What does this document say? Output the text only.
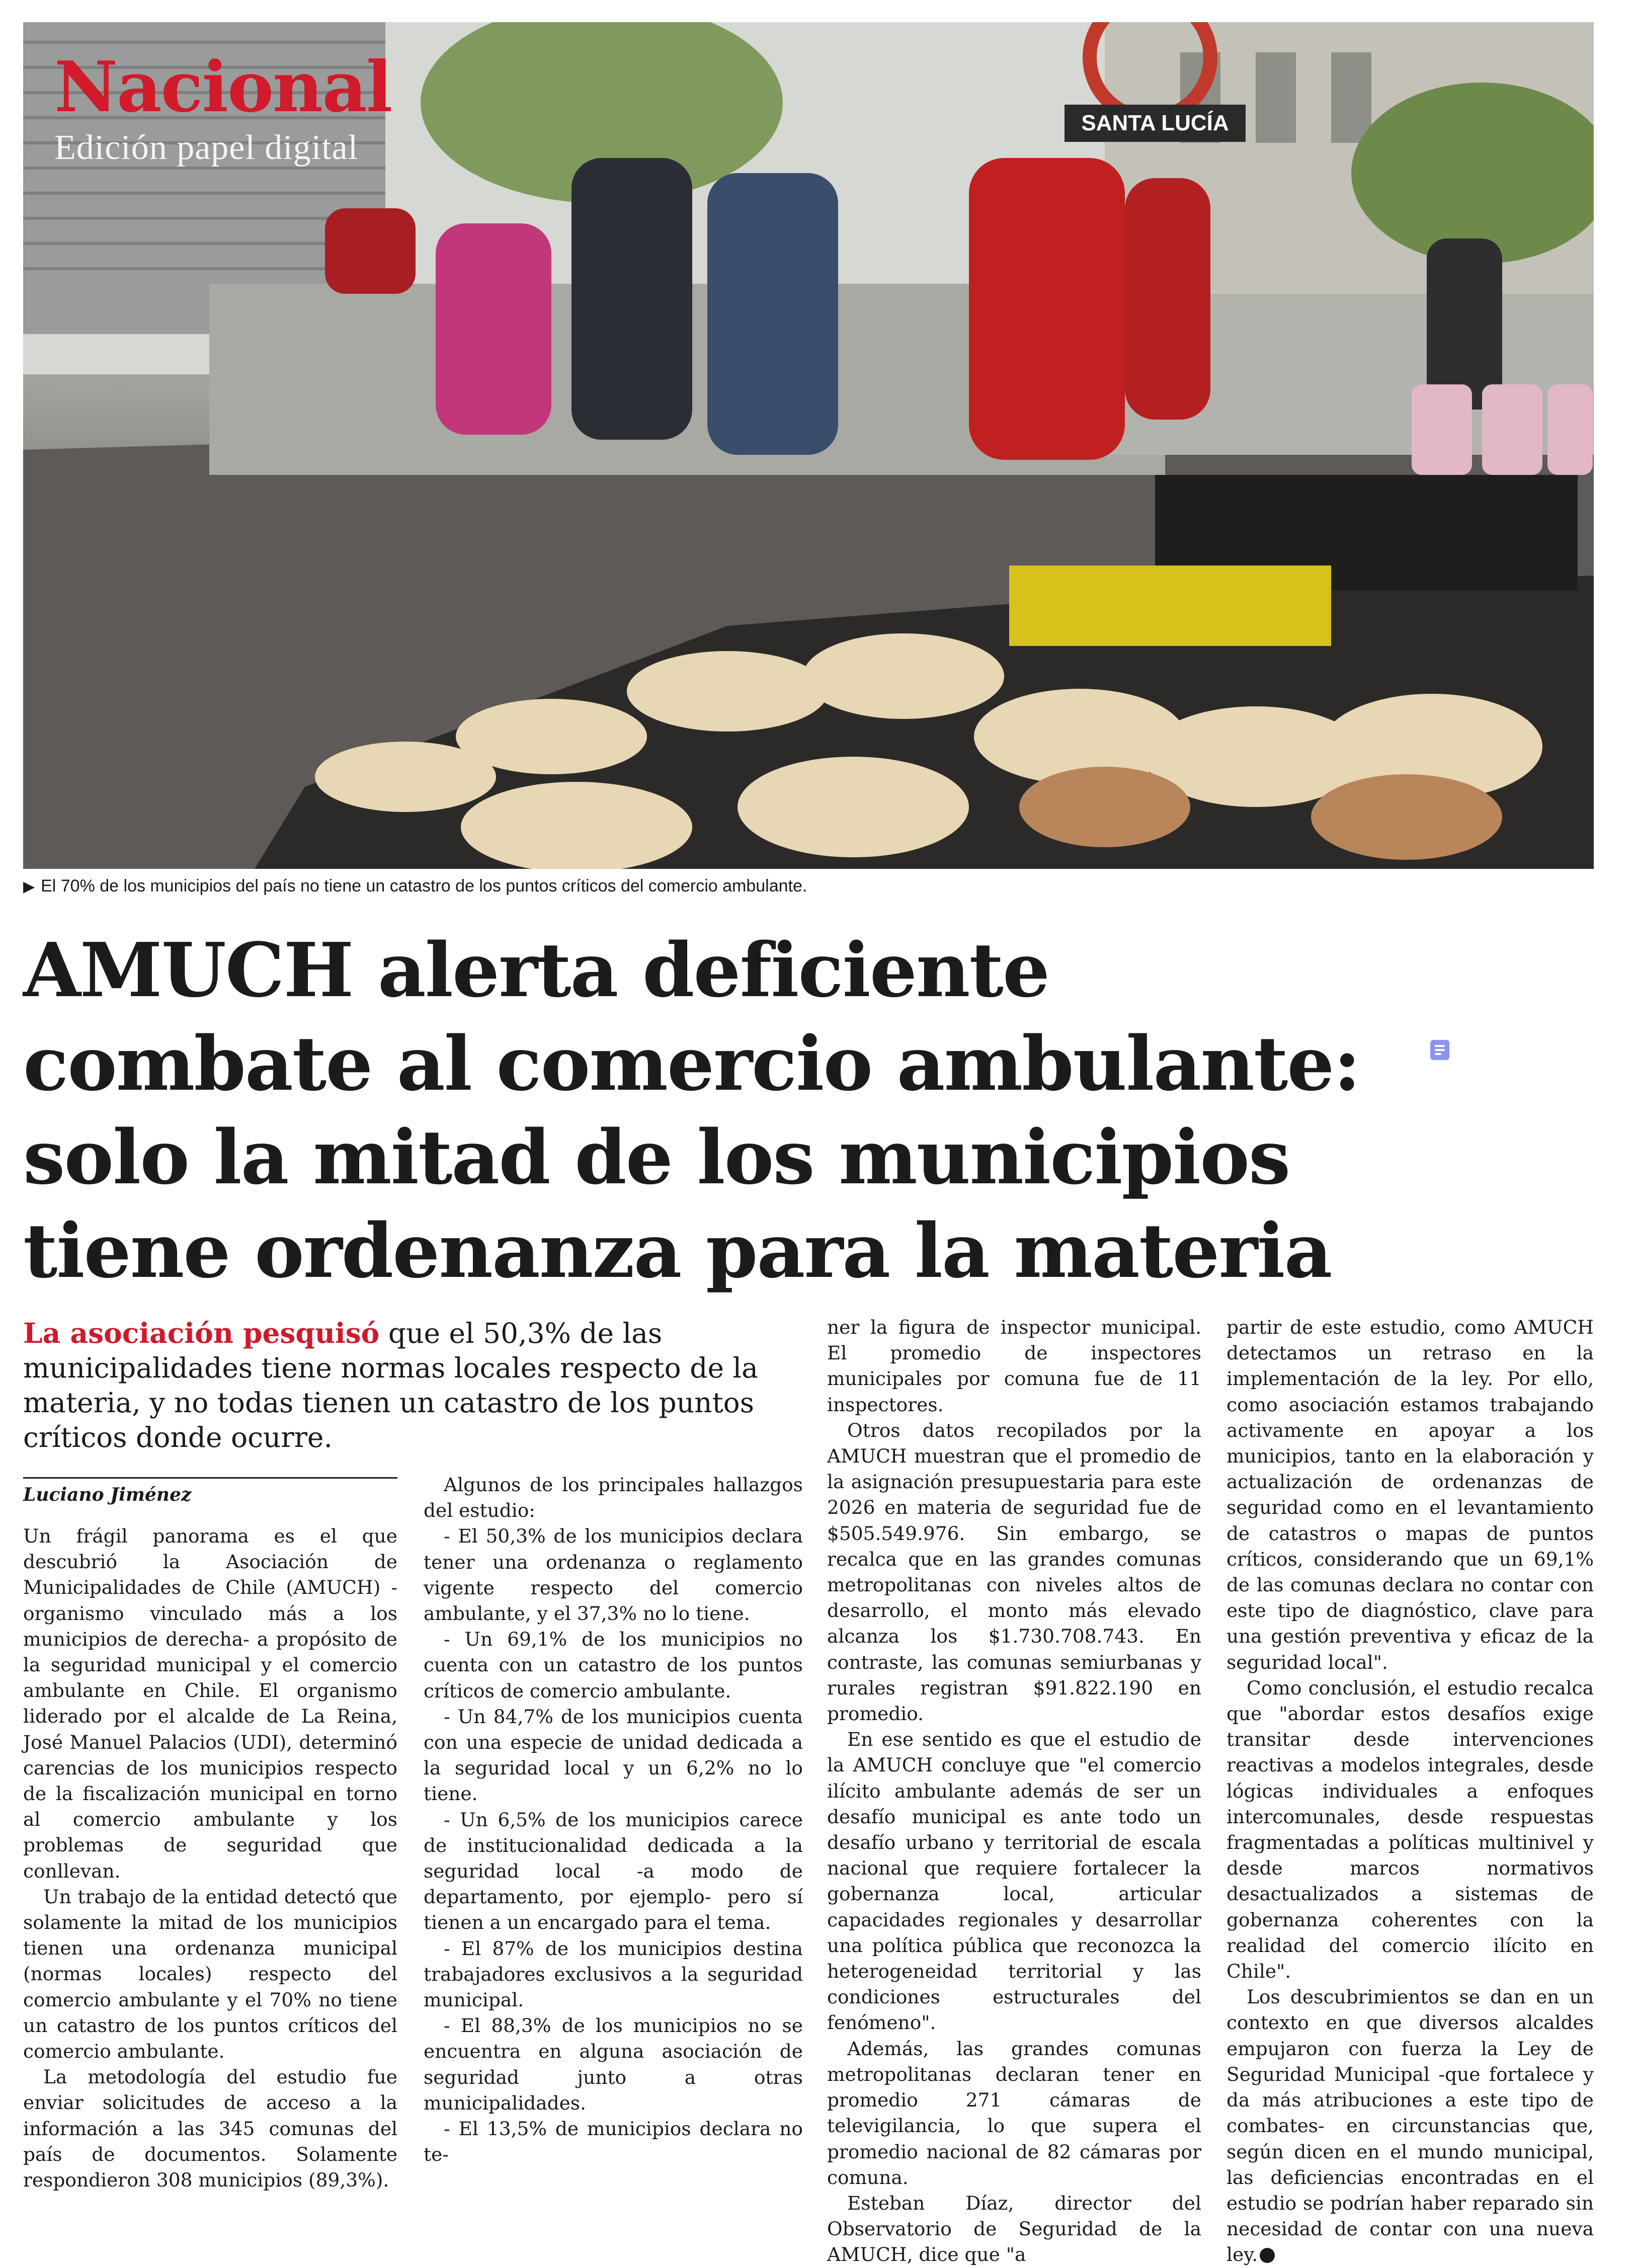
Nacional
Edición papel digital
SANTA LUCÍA
▶ El 70% de los municipios del país no tiene un catastro de los puntos críticos del comercio ambulante.
AMUCH alerta deficiente
combate al comercio ambulante:
solo la mitad de los municipios
tiene ordenanza para la materia
La asociación pesquisó que el 50,3% de las municipalidades tiene normas locales respecto de la materia, y no todas tienen un catastro de los puntos críticos donde ocurre.
Luciano Jiménez

Un frágil panorama es el que descubrió la Asociación de Municipalidades de Chile (AMUCH) -organismo vinculado más a los municipios de derecha- a propósito de la seguridad municipal y el comercio ambulante en Chile. El organismo liderado por el alcalde de La Reina, José Manuel Palacios (UDI), determinó carencias de los municipios respecto de la fiscalización municipal en torno al comercio ambulante y los problemas de seguridad que conllevan.

Un trabajo de la entidad detectó que solamente la mitad de los municipios tienen una ordenanza municipal (normas locales) respecto del comercio ambulante y el 70% no tiene un catastro de los puntos críticos del comercio ambulante.

La metodología del estudio fue enviar solicitudes de acceso a la información a las 345 comunas del país de documentos. Solamente respondieron 308 municipios (89,3%).

Algunos de los principales hallazgos del estudio:

- El 50,3% de los municipios declara tener una ordenanza o reglamento vigente respecto del comercio ambulante, y el 37,3% no lo tiene.

- Un 69,1% de los municipios no cuenta con un catastro de los puntos críticos de comercio ambulante.

- Un 84,7% de los municipios cuenta con una especie de unidad dedicada a la seguridad local y un 6,2% no lo tiene.

- Un 6,5% de los municipios carece de institucionalidad dedicada a la seguridad local -a modo de departamento, por ejemplo- pero sí tienen a un encargado para el tema.

- El 87% de los municipios destina trabajadores exclusivos a la seguridad municipal.

- El 88,3% de los municipios no se encuentra en alguna asociación de seguridad junto a otras municipalidades.

- El 13,5% de municipios declara no te-

ner la figura de inspector municipal. El promedio de inspectores municipales por comuna fue de 11 inspectores.

Otros datos recopilados por la AMUCH muestran que el promedio de la asignación presupuestaria para este 2026 en materia de seguridad fue de $505.549.976. Sin embargo, se recalca que en las grandes comunas metropolitanas con niveles altos de desarrollo, el monto más elevado alcanza los $1.730.708.743. En contraste, las comunas semiurbanas y rurales registran $91.822.190 en promedio.

En ese sentido es que el estudio de la AMUCH concluye que "el comercio ilícito ambulante además de ser un desafío municipal es ante todo un desafío urbano y territorial de escala nacional que requiere fortalecer la gobernanza local, articular capacidades regionales y desarrollar una política pública que reconozca la heterogeneidad territorial y las condiciones estructurales del fenómeno".

Además, las grandes comunas metropolitanas declaran tener en promedio 271 cámaras de televigilancia, lo que supera el promedio nacional de 82 cámaras por comuna.

Esteban Díaz, director del Observatorio de Seguridad de la AMUCH, dice que "a

partir de este estudio, como AMUCH detectamos un retraso en la implementación de la ley. Por ello, como asociación estamos trabajando activamente en apoyar a los municipios, tanto en la elaboración y actualización de ordenanzas de seguridad como en el levantamiento de catastros o mapas de puntos críticos, considerando que un 69,1% de las comunas declara no contar con este tipo de diagnóstico, clave para una gestión preventiva y eficaz de la seguridad local".

Como conclusión, el estudio recalca que "abordar estos desafíos exige transitar desde intervenciones reactivas a modelos integrales, desde lógicas individuales a enfoques intercomunales, desde respuestas fragmentadas a políticas multinivel y desde marcos normativos desactualizados a sistemas de gobernanza coherentes con la realidad del comercio ilícito en Chile".

Los descubrimientos se dan en un contexto en que diversos alcaldes empujaron con fuerza la Ley de Seguridad Municipal -que fortalece y da más atribuciones a este tipo de combates- en circunstancias que, según dicen en el mundo municipal, las deficiencias encontradas en el estudio se podrían haber reparado sin necesidad de contar con una nueva ley.
